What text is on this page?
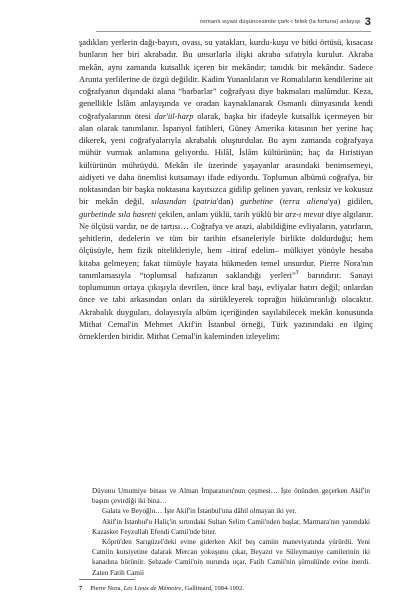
osmanlı siyasi düşüncesinde çark-ı felek (la fortuna) anlayışı 3

şadıkları yerlerin dağı-bayırı, ovası, su yatakları, kurdu-kuşu ve bitki örtüsü, kısacası bunların her biri akrabadır. Bu unsurlarla ilişki akraba sıfatıyla kurulur. Akraba mekân, aynı zamanda kutsallık içeren bir mekândır; tanıdık bir mekândır. Sadece Arunta yerlilerine de özgü değildir. Kadim Yunanlıların ve Romalıların kendilerine ait coğrafyanın dışındaki alana “barbarlar” coğrafyası diye bakmaları malûmdur. Keza, genellikle İslâm anlayışında ve oradan kaynaklanarak Osmanlı dünyasında kendi coğrafyalarının ötesi dar'ül-harp olarak, başka bir ifadeyle kutsallık içermeyen bir alan olarak tanımlanır. İspanyol fatihleri, Güney Amerika kıtasının her yerine haç dikerek, yeni coğrafyalarıyla akrabalık oluşturdular. Bu aynı zamanda coğrafyaya mühür vurmak anlamına geliyordu. Hilâl, İslâm kültürünün; haç da Hıristiyan kültürünün mührüydü. Mekân ile üzerinde yaşayanlar arasındaki benimsemeyi, aidiyeti ve daha önemlisi kutsamayı ifade ediyordu. Toplumun albümü coğrafya, bir noktasından bir başka noktasına kayıtsızca gidilip gelinen yavan, renksiz ve kokusuz bir mekân değil, sılasından (patria'dan) gurbetine (terra aliena'ya) gidilen, gurbetinde sıla hasreti çekilen, anlam yüklü, tarih yüklü bir arz-ı mevut diye algılanır. Ne ölçüsü vardır, ne de tartısı… Coğrafya ve arazi, alabildiğine evliyaların, yatırların, şehitlerin, dedelerin ve tüm bir tarihin efsaneleriyle birlikte doldurduğu; hem ölçüsüyle, hem fizik nitelikleriyle, hem –itiraf edelim– mülkiyet yönüyle hesaba kitaba gelmeyen; fakat tümüyle hayata hükmeden temel unsurdur. Pierre Nora'nın tanımlamasıyla “toplumsal hafızanın saklandığı yerleri”$^7$ barındırır. Sanayi toplumunun ortaya çıkışıyla devrilen, önce kral başı, evliyalar hatırı değil; onlardan önce ve tabi arkasından onları da sürükleyerek toprağın hükümranlığı olacaktır. Akrabalık duyguları, dolayısıyla albüm içeriğinden sayılabilecek mekân konusunda Mithat Cemal'in Mehmet Akif'in İstanbul örneği, Türk yazınındaki en ilginç örneklerden biridir. Mithat Cemal'in kaleminden izleyelim:

Düyunu Umumiye binası ve Alman İmparatoru'nun çeşmesi… İşte önünden geçerken Akif'in başını çevirdiği iki bina…

Galata ve Beyoğlu… İşte Akif'in İstanbul'una dâhil olmayan iki yer.

Akif'in İstanbul'u Haliç'in sırtındaki Sultan Selim Camii'nden başlar, Marmara'nın yanındaki Kazasker Feyzullah Efendi Camii'nde biter.

Köprü'den Sarıgüzel'deki evine giderken Akif beş camiin maneviyatında yürürdü. Yeni Camiin kutsiyetine dalarak Mercan yokuşunu çıkar, Beyazıt ve Süleymaniye camilerinin iki kanadına bürünür. Şehzade Camii'nin nurunda uçar, Fatih Camii'nin şümulünde evine inerdi. Zaten Fatih Camii

7 Pierre Nora, Les Lieux de Mémoire, Gallimard, 1984-1992.
